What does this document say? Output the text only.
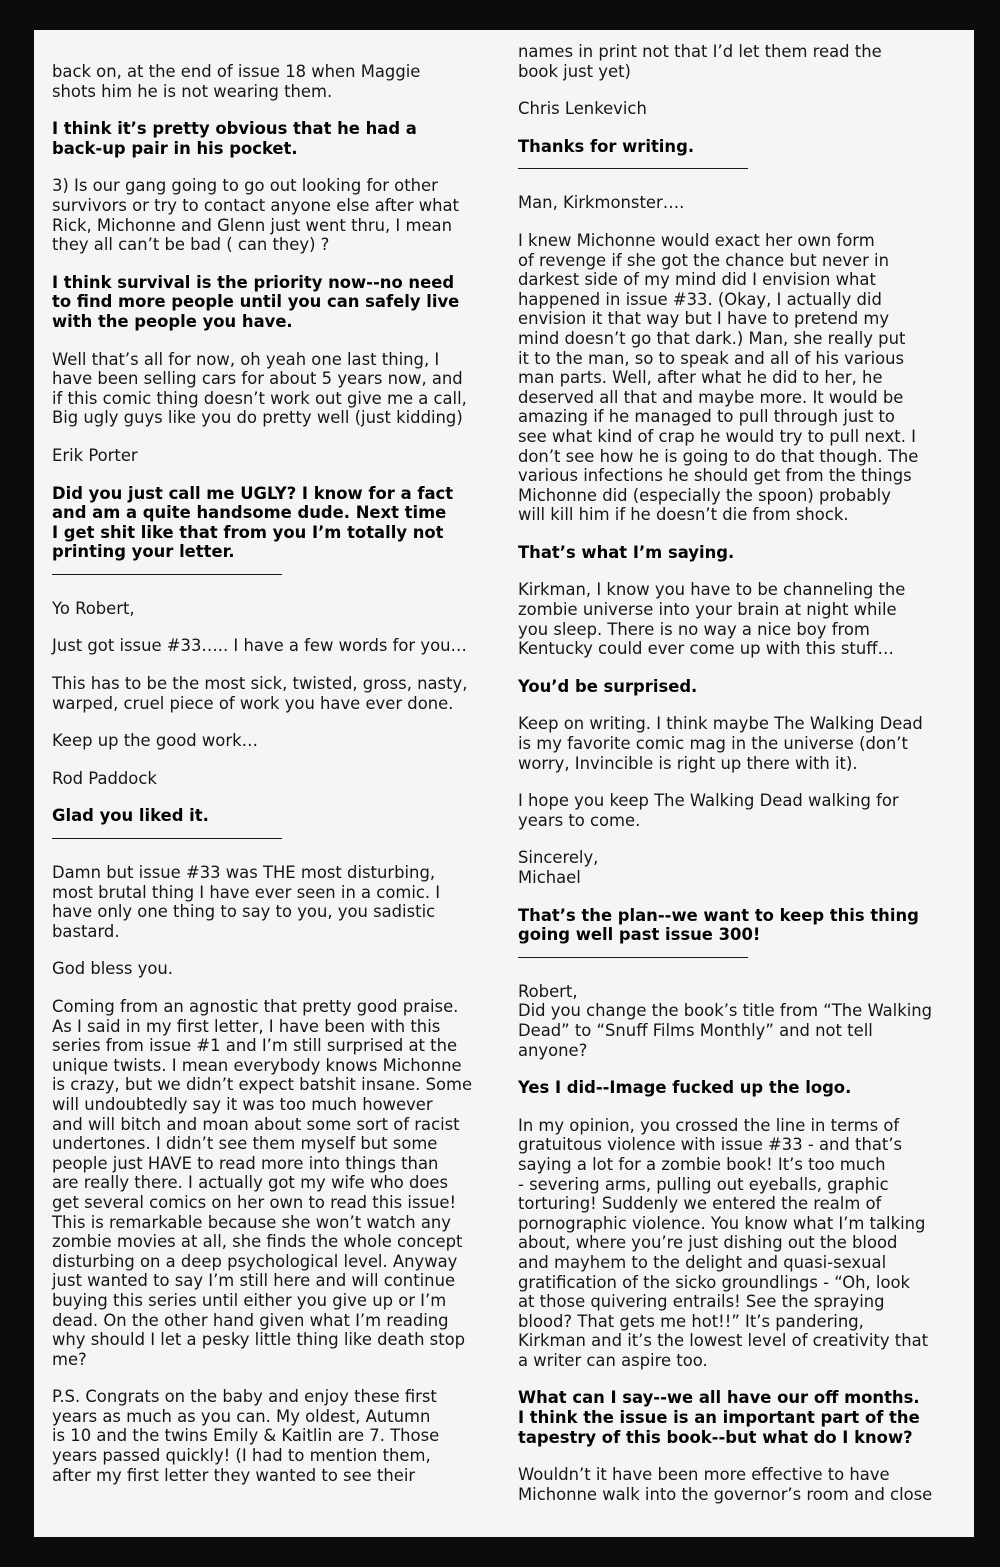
back on, at the end of issue 18 when Maggie
shots him he is not wearing them.

I think it’s pretty obvious that he had a
back-up pair in his pocket.

3) Is our gang going to go out looking for other
survivors or try to contact anyone else after what
Rick, Michonne and Glenn just went thru, I mean
they all can’t be bad ( can they) ?

I think survival is the priority now--no need
to find more people until you can safely live
with the people you have.

Well that’s all for now, oh yeah one last thing, I
have been selling cars for about 5 years now, and
if this comic thing doesn’t work out give me a call,
Big ugly guys like you do pretty well (just kidding)

Erik Porter

Did you just call me UGLY? I know for a fact
and am a quite handsome dude. Next time
I get shit like that from you I’m totally not
printing your letter.

Yo Robert,

Just got issue #33….. I have a few words for you…

This has to be the most sick, twisted, gross, nasty,
warped, cruel piece of work you have ever done.

Keep up the good work…

Rod Paddock

Glad you liked it.

Damn but issue #33 was THE most disturbing,
most brutal thing I have ever seen in a comic. I
have only one thing to say to you, you sadistic
bastard.

God bless you.

Coming from an agnostic that pretty good praise.
As I said in my first letter, I have been with this
series from issue #1 and I’m still surprised at the
unique twists. I mean everybody knows Michonne
is crazy, but we didn’t expect batshit insane. Some
will undoubtedly say it was too much however
and will bitch and moan about some sort of racist
undertones. I didn’t see them myself but some
people just HAVE to read more into things than
are really there. I actually got my wife who does
get several comics on her own to read this issue!
This is remarkable because she won’t watch any
zombie movies at all, she finds the whole concept
disturbing on a deep psychological level. Anyway
just wanted to say I’m still here and will continue
buying this series until either you give up or I’m
dead. On the other hand given what I’m reading
why should I let a pesky little thing like death stop
me?

P.S. Congrats on the baby and enjoy these first
years as much as you can. My oldest, Autumn
is 10 and the twins Emily & Kaitlin are 7. Those
years passed quickly! (I had to mention them,
after my first letter they wanted to see their

names in print not that I’d let them read the
book just yet)

Chris Lenkevich

Thanks for writing.

Man, Kirkmonster….

I knew Michonne would exact her own form
of revenge if she got the chance but never in
darkest side of my mind did I envision what
happened in issue #33. (Okay, I actually did
envision it that way but I have to pretend my
mind doesn’t go that dark.) Man, she really put
it to the man, so to speak and all of his various
man parts. Well, after what he did to her, he
deserved all that and maybe more. It would be
amazing if he managed to pull through just to
see what kind of crap he would try to pull next. I
don’t see how he is going to do that though. The
various infections he should get from the things
Michonne did (especially the spoon) probably
will kill him if he doesn’t die from shock.

That’s what I’m saying.

Kirkman, I know you have to be channeling the
zombie universe into your brain at night while
you sleep. There is no way a nice boy from
Kentucky could ever come up with this stuff…

You’d be surprised.

Keep on writing. I think maybe The Walking Dead
is my favorite comic mag in the universe (don’t
worry, Invincible is right up there with it).

I hope you keep The Walking Dead walking for
years to come.

Sincerely,
Michael

That’s the plan--we want to keep this thing
going well past issue 300!

Robert,
Did you change the book’s title from “The Walking
Dead” to “Snuff Films Monthly” and not tell
anyone?

Yes I did--Image fucked up the logo.

In my opinion, you crossed the line in terms of
gratuitous violence with issue #33 - and that’s
saying a lot for a zombie book! It’s too much
- severing arms, pulling out eyeballs, graphic
torturing! Suddenly we entered the realm of
pornographic violence. You know what I’m talking
about, where you’re just dishing out the blood
and mayhem to the delight and quasi-sexual
gratification of the sicko groundlings - “Oh, look
at those quivering entrails! See the spraying
blood? That gets me hot!!” It’s pandering,
Kirkman and it’s the lowest level of creativity that
a writer can aspire too.

What can I say--we all have our off months.
I think the issue is an important part of the
tapestry of this book--but what do I know?

Wouldn’t it have been more effective to have
Michonne walk into the governor’s room and close
